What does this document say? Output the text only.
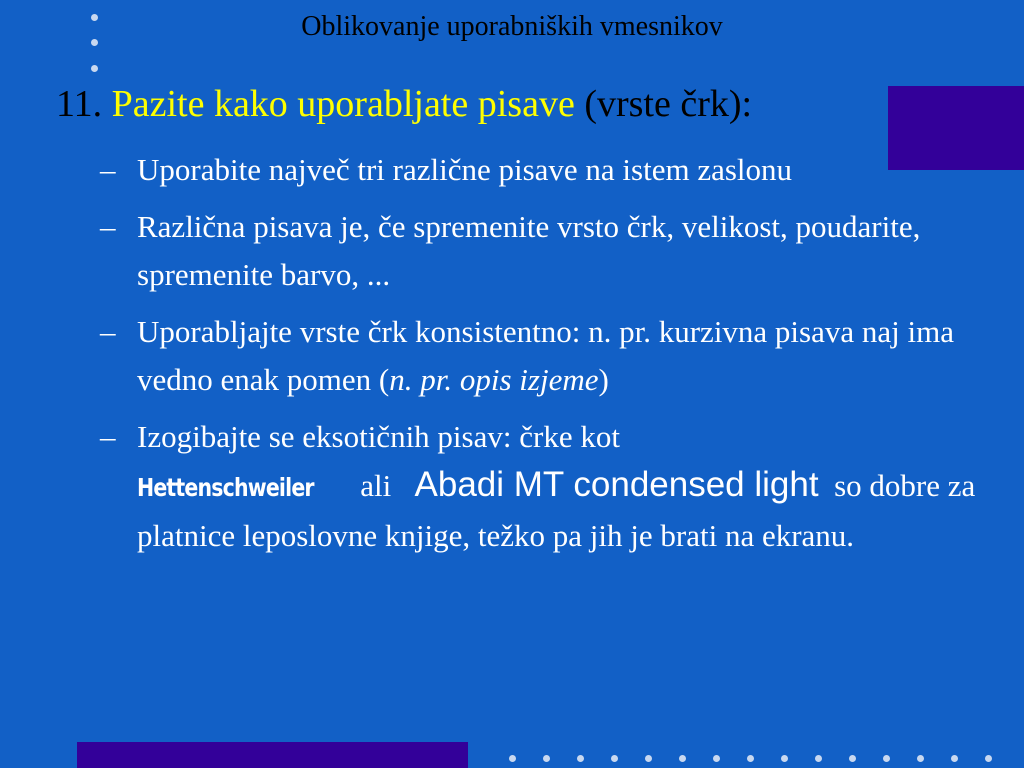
Oblikovanje uporabniških vmesnikov
11. Pazite kako uporabljate pisave (vrste črk):
– Uporabite največ tri različne pisave na istem zaslonu
– Različna pisava je, če spremenite vrsto črk, velikost, poudarite, spremenite barvo, ...
– Uporabljajte vrste črk konsistentno: n. pr. kurzivna pisava naj ima vedno enak pomen (n. pr. opis izjeme)
– Izogibajte se eksotičnih pisav: črke kot
Hettenschweiler ali Abadi MT condensed light so dobre za platnice leposlovne knjige, težko pa jih je brati na ekranu.
